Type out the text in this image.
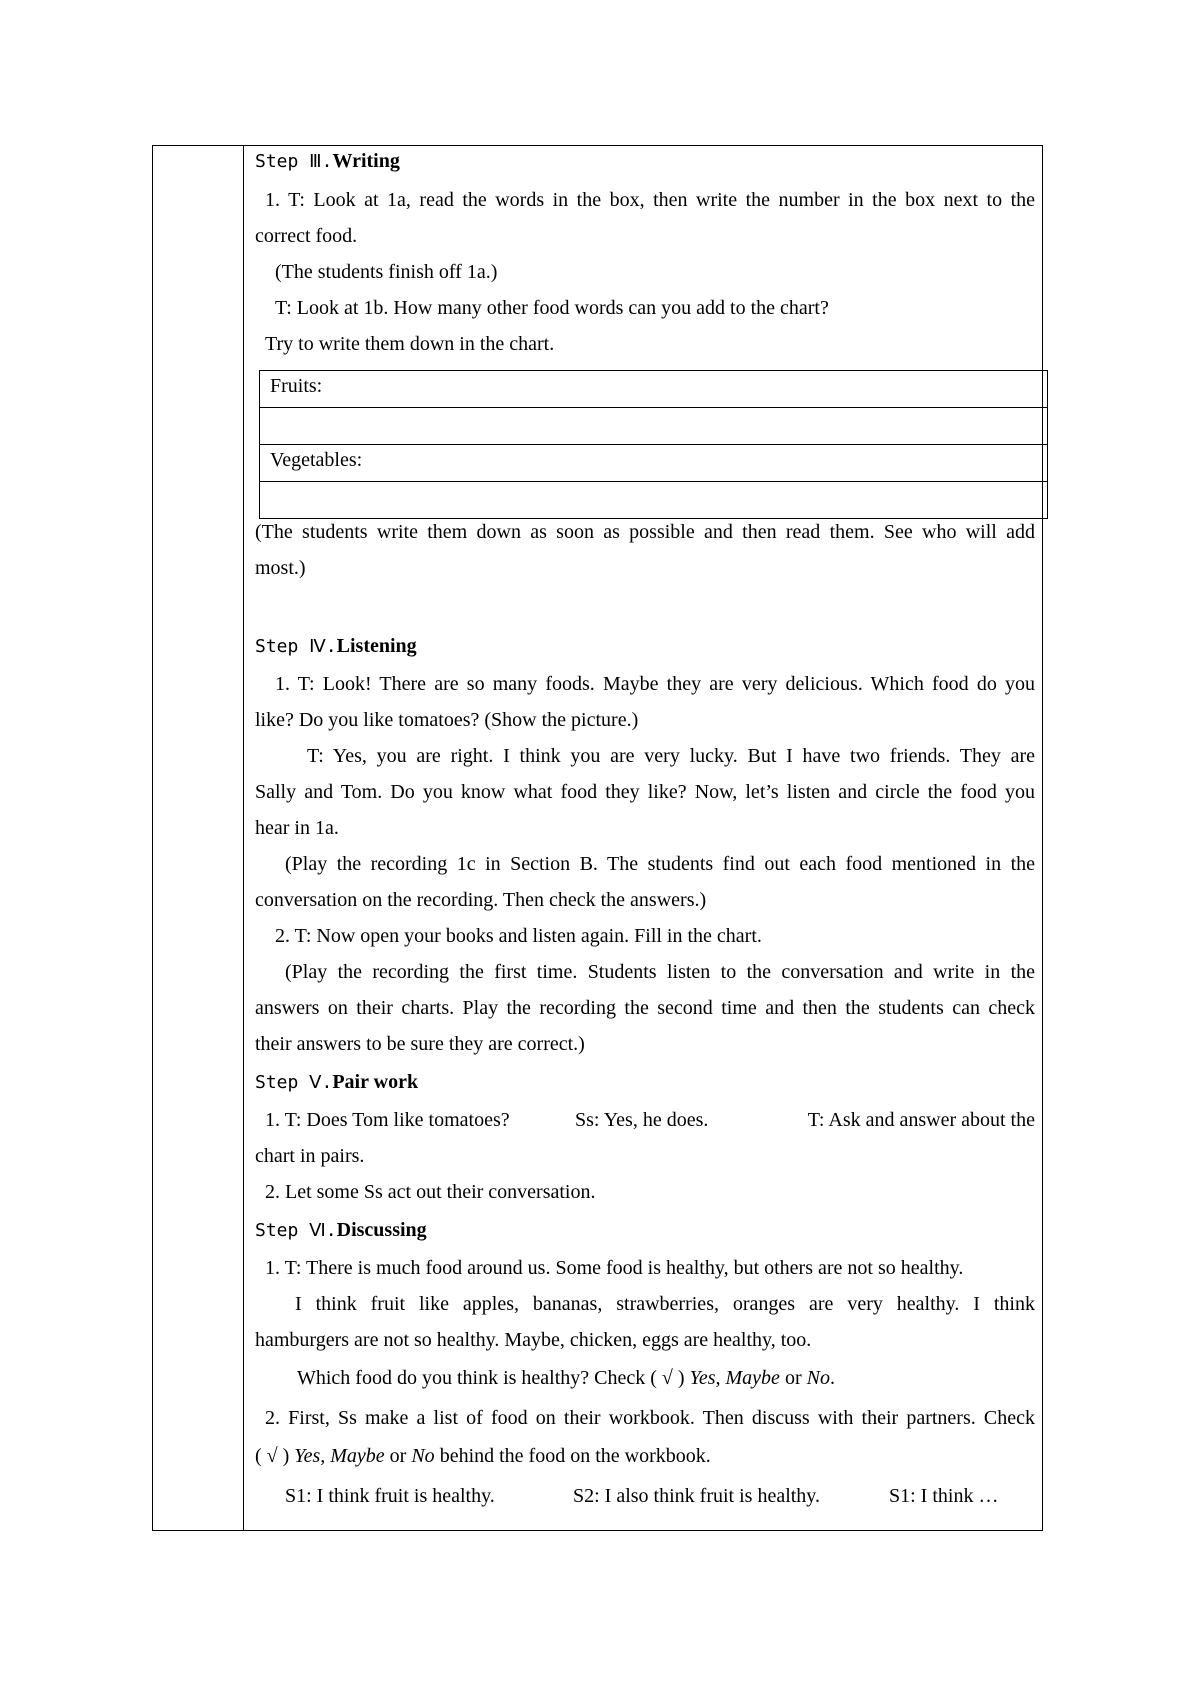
Step Ⅲ.Writing
1. T: Look at 1a, read the words in the box, then write the number in the box next to the
correct food.
(The students finish off 1a.)
T: Look at 1b. How many other food words can you add to the chart?
Try to write them down in the chart.
Fruits:

Vegetables:

(The students write them down as soon as possible and then read them. See who will add
most.)
Step Ⅳ.Listening
1. T: Look! There are so many foods. Maybe they are very delicious. Which food do you
like? Do you like tomatoes? (Show the picture.)
T: Yes, you are right. I think you are very lucky. But I have two friends. They are
Sally and Tom. Do you know what food they like? Now, let’s listen and circle the food you
hear in 1a.
(Play the recording 1c in Section B. The students find out each food mentioned in the
conversation on the recording. Then check the answers.)
2. T: Now open your books and listen again. Fill in the chart.
(Play the recording the first time. Students listen to the conversation and write in the
answers on their charts. Play the recording the second time and then the students can check
their answers to be sure they are correct.)
Step Ⅴ.Pair work
1. T: Does Tom like tomatoes?	Ss: Yes, he does.	T: Ask and answer about the
chart in pairs.
2. Let some Ss act out their conversation.
Step Ⅵ.Discussing
1. T: There is much food around us. Some food is healthy, but others are not so healthy.
I think fruit like apples, bananas, strawberries, oranges are very healthy. I think
hamburgers are not so healthy. Maybe, chicken, eggs are healthy, too.
Which food do you think is healthy? Check ( √ ) Yes, Maybe or No.
2. First, Ss make a list of food on their workbook. Then discuss with their partners. Check
( √ ) Yes, Maybe or No behind the food on the workbook.
S1: I think fruit is healthy.	S2: I also think fruit is healthy.	S1: I think …
